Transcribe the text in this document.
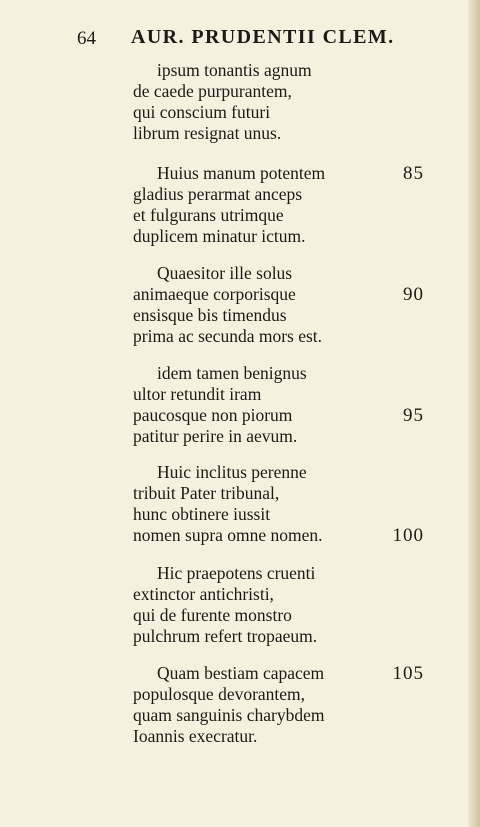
64 AUR. PRUDENTII CLEM.
ipsum tonantis agnum
de caede purpurantem,
qui conscium futuri
librum resignat unus.
Huius manum potentem
gladius perarmat anceps
et fulgurans utrimque
duplicem minatur ictum.
85
Quaesitor ille solus
animaeque corporisque
ensisque bis timendus
prima ac secunda mors est.
90
idem tamen benignus
ultor retundit iram
paucosque non piorum
patitur perire in aevum.
95
Huic inclitus perenne
tribuit Pater tribunal,
hunc obtinere iussit
nomen supra omne nomen.	100
Hic praepotens cruenti
extinctor antichristi,
qui de furente monstro
pulchrum refert tropaeum.
Quam bestiam capacem
populosque devorantem,
quam sanguinis charybdem
Ioannis execratur.
105
